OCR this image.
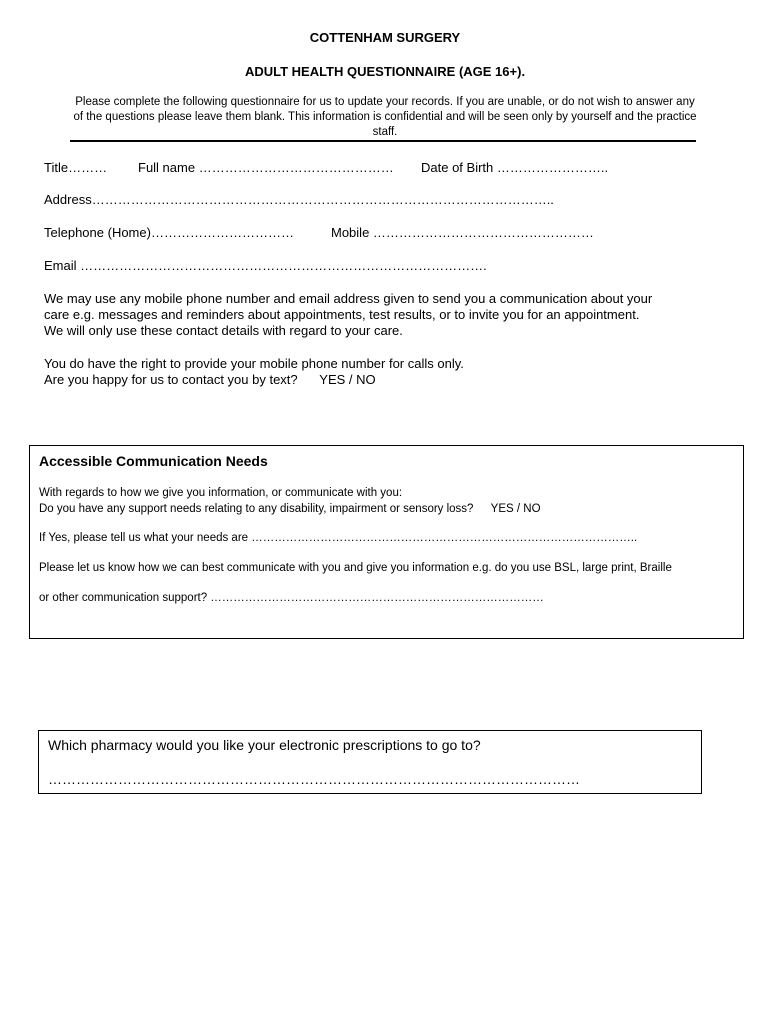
COTTENHAM SURGERY
ADULT HEALTH QUESTIONNAIRE (AGE 16+).
Please complete the following questionnaire for us to update your records. If you are unable, or do not wish to answer any of the questions please leave them blank. This information is confidential and will be seen only by yourself and the practice staff.
Title……… Full name ……………………………………… Date of Birth ……………………..
Address……………………………………………………………………………………………..
Telephone (Home)……………………………	Mobile ……………………………………………
Email ………………………………………………………………………………….
We may use any mobile phone number and email address given to send you a communication about your
care e.g. messages and reminders about appointments, test results, or to invite you for an appointment.
We will only use these contact details with regard to your care.
You do have the right to provide your mobile phone number for calls only.
Are you happy for us to contact you by text? YES / NO
Accessible Communication Needs
With regards to how we give you information, or communicate with you:
Do you have any support needs relating to any disability, impairment or sensory loss? YES / NO
If Yes, please tell us what your needs are ………………………………………………………………………………………..
Please let us know how we can best communicate with you and give you information e.g. do you use BSL, large print, Braille
or other communication support? ……………………………………………………………………………
Which pharmacy would you like your electronic prescriptions to go to?
……………………………………………………………………………………………………
